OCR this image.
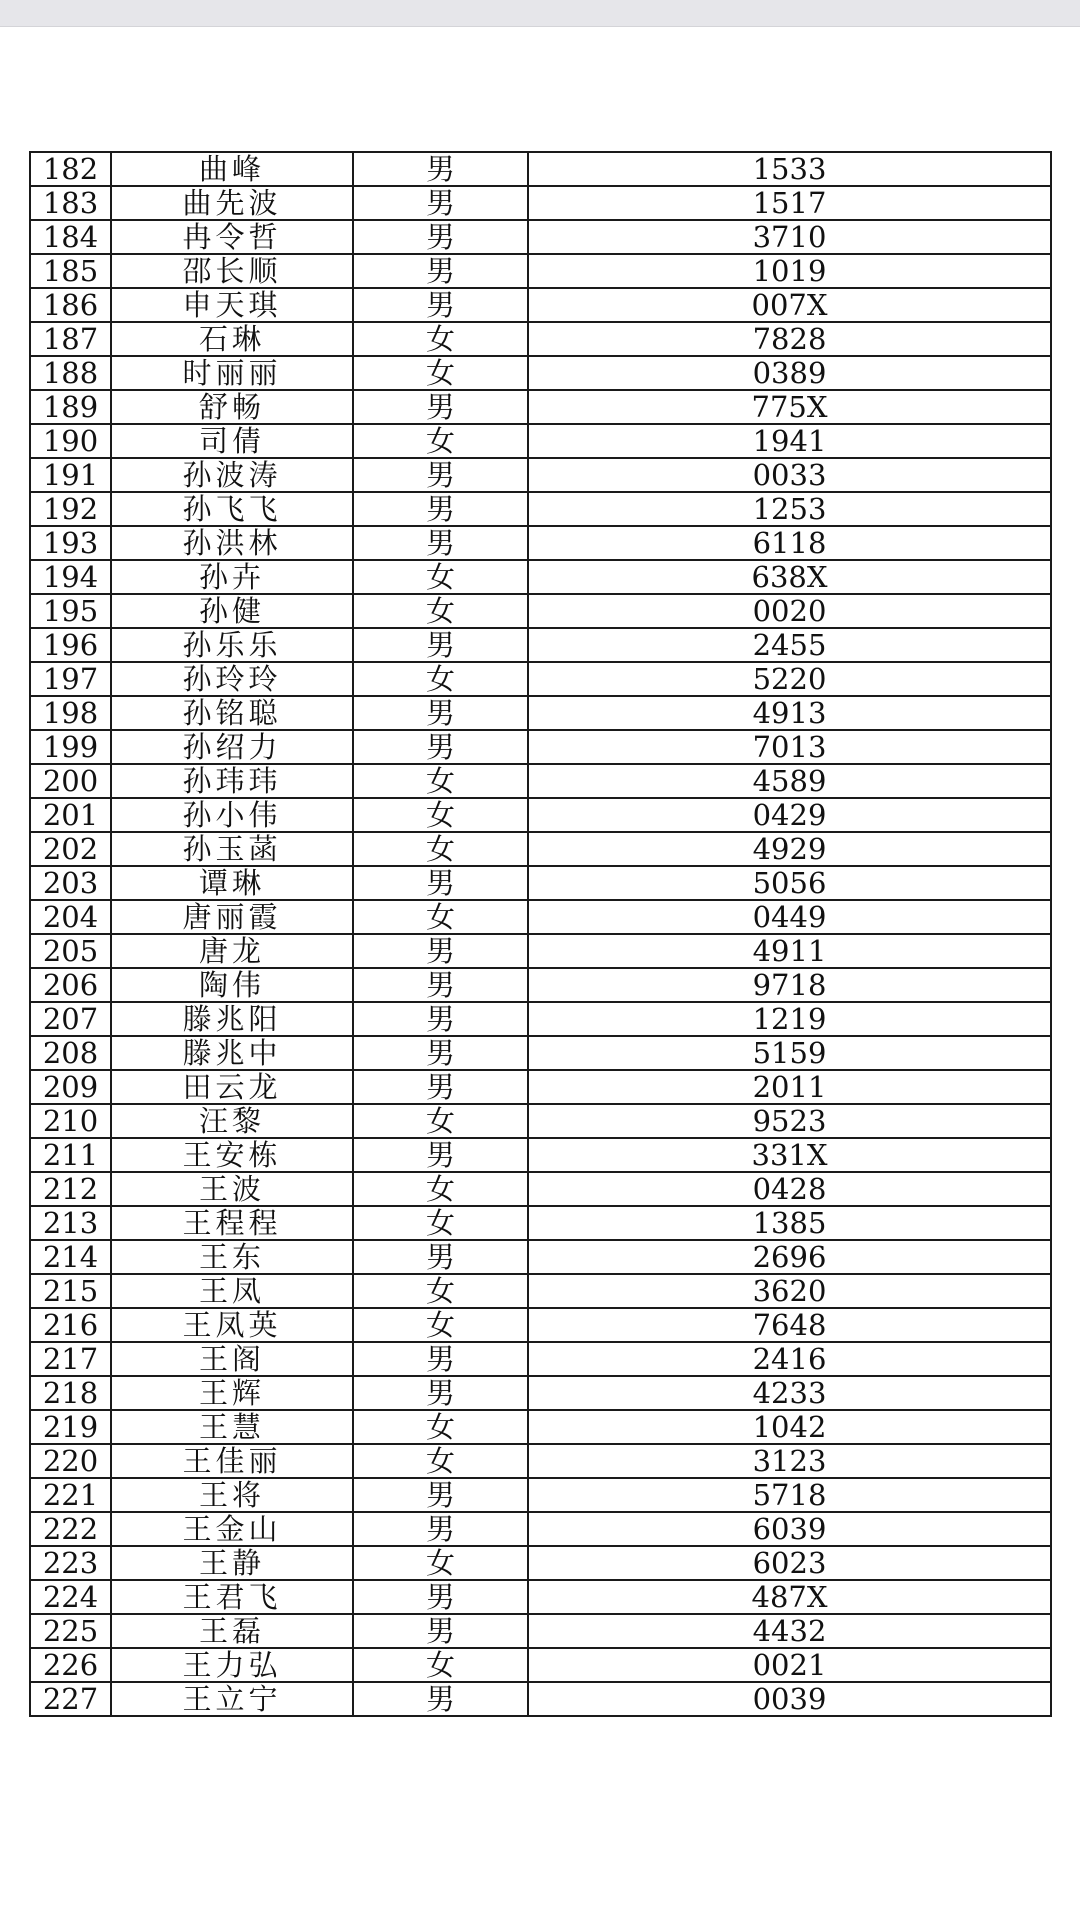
182	曲峰	男	1533
183	曲先波	男	1517
184	冉令哲	男	3710
185	邵长顺	男	1019
186	申天琪	男	007X
187	石琳	女	7828
188	时丽丽	女	0389
189	舒畅	男	775X
190	司倩	女	1941
191	孙波涛	男	0033
192	孙飞飞	男	1253
193	孙洪林	男	6118
194	孙卉	女	638X
195	孙健	女	0020
196	孙乐乐	男	2455
197	孙玲玲	女	5220
198	孙铭聪	男	4913
199	孙绍力	男	7013
200	孙玮玮	女	4589
201	孙小伟	女	0429
202	孙玉菡	女	4929
203	谭琳	男	5056
204	唐丽霞	女	0449
205	唐龙	男	4911
206	陶伟	男	9718
207	滕兆阳	男	1219
208	滕兆中	男	5159
209	田云龙	男	2011
210	汪黎	女	9523
211	王安栋	男	331X
212	王波	女	0428
213	王程程	女	1385
214	王东	男	2696
215	王凤	女	3620
216	王凤英	女	7648
217	王阁	男	2416
218	王辉	男	4233
219	王慧	女	1042
220	王佳丽	女	3123
221	王将	男	5718
222	王金山	男	6039
223	王静	女	6023
224	王君飞	男	487X
225	王磊	男	4432
226	王力弘	女	0021
227	王立宁	男	0039
